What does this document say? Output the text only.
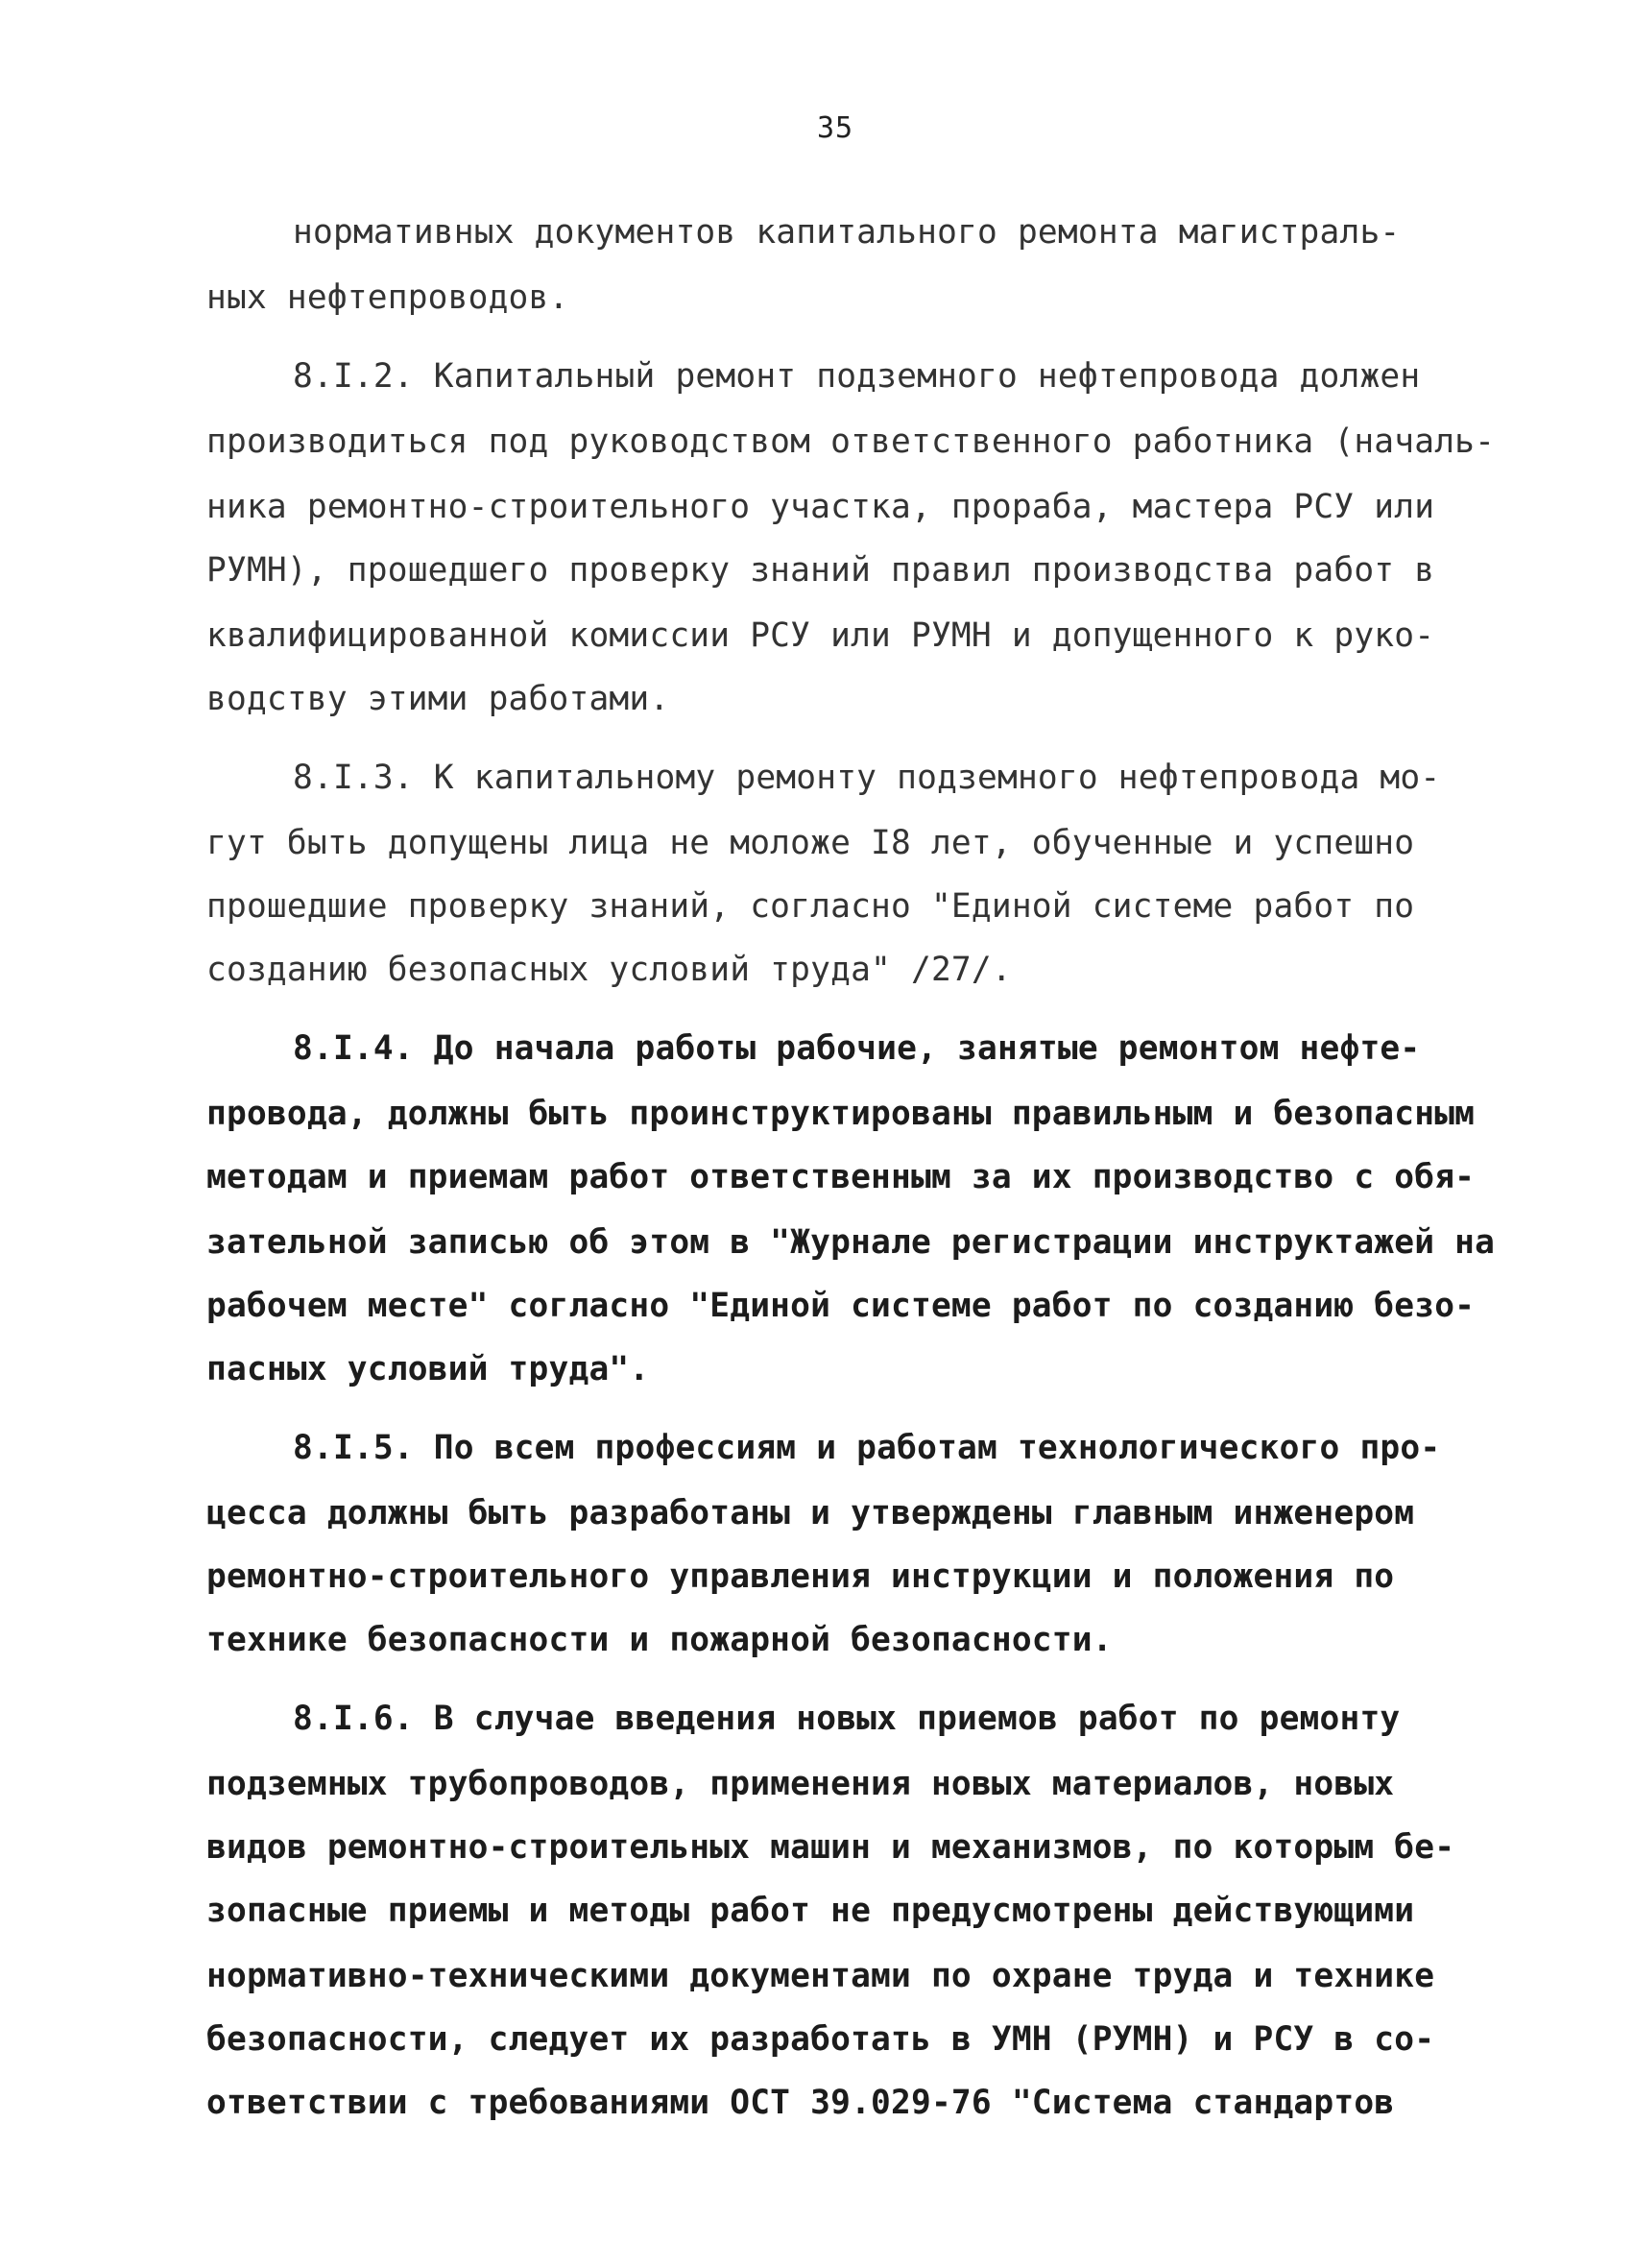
35
нормативных документов капитального ремонта магистраль-
ных нефтепроводов.
8.I.2. Капитальный ремонт подземного нефтепровода должен
производиться под руководством ответственного работника (началь-
ника ремонтно-строительного участка, прораба, мастера РСУ или
РУМН), прошедшего проверку знаний правил производства работ в
квалифицированной комиссии РСУ или РУМН и допущенного к руко-
водству этими работами.
8.I.3. К капитальному ремонту подземного нефтепровода мо-
гут быть допущены лица не моложе I8 лет, обученные и успешно
прошедшие проверку знаний, согласно "Единой системе работ по
созданию безопасных условий труда" /27/.
8.I.4. До начала работы рабочие, занятые ремонтом нефте-
провода, должны быть проинструктированы правильным и безопасным
методам и приемам работ ответственным за их производство с обя-
зательной записью об этом в "Журнале регистрации инструктажей на
рабочем месте" согласно "Единой системе работ по созданию безо-
пасных условий труда".
8.I.5. По всем профессиям и работам технологического про-
цесса должны быть разработаны и утверждены главным инженером
ремонтно-строительного управления инструкции и положения по
технике безопасности и пожарной безопасности.
8.I.6. В случае введения новых приемов работ по ремонту
подземных трубопроводов, применения новых материалов, новых
видов ремонтно-строительных машин и механизмов, по которым бе-
зопасные приемы и методы работ не предусмотрены действующими
нормативно-техническими документами по охране труда и технике
безопасности, следует их разработать в УМН (РУМН) и РСУ в со-
ответствии с требованиями ОСТ 39.029-76 "Система стандартов
